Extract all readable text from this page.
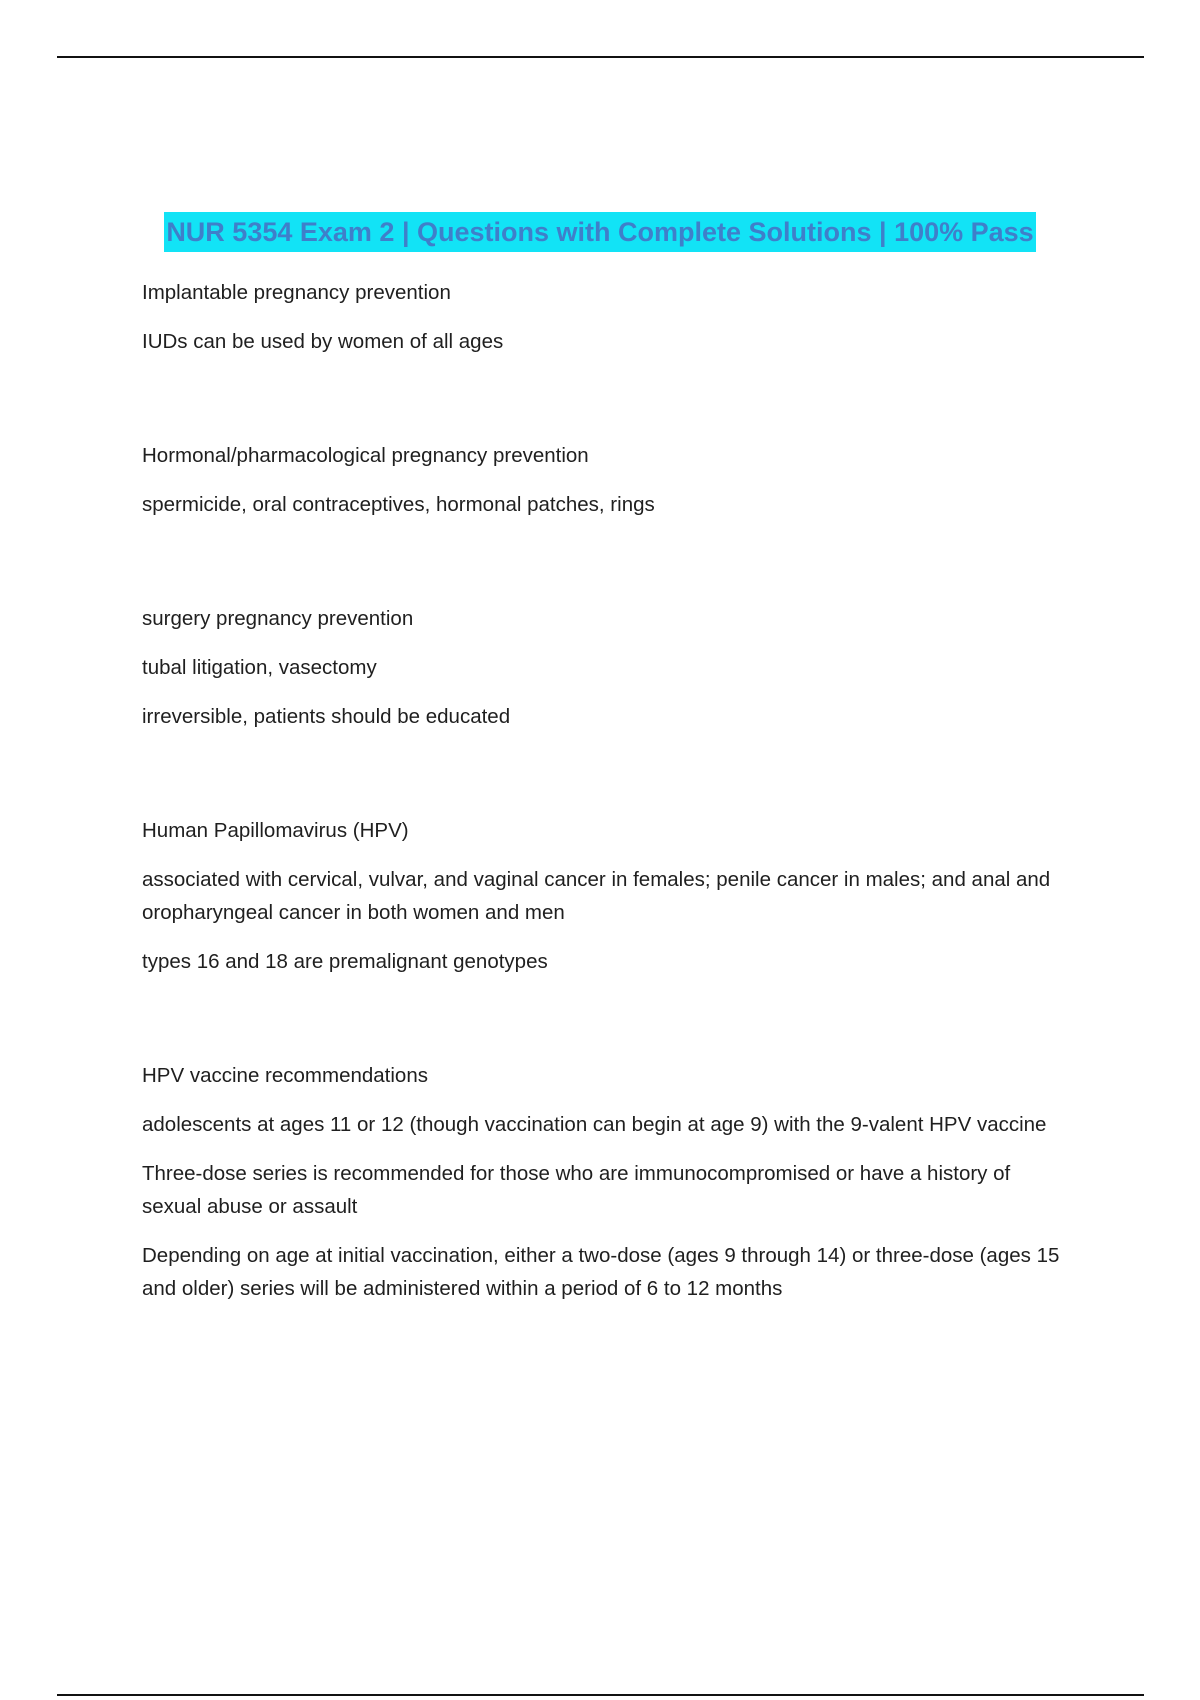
NUR 5354 Exam 2 | Questions with Complete Solutions | 100% Pass

Implantable pregnancy prevention

IUDs can be used by women of all ages

Hormonal/pharmacological pregnancy prevention

spermicide, oral contraceptives, hormonal patches, rings

surgery pregnancy prevention

tubal litigation, vasectomy

irreversible, patients should be educated

Human Papillomavirus (HPV)

associated with cervical, vulvar, and vaginal cancer in females; penile cancer in males; and anal and oropharyngeal cancer in both women and men

types 16 and 18 are premalignant genotypes

HPV vaccine recommendations

adolescents at ages 11 or 12 (though vaccination can begin at age 9) with the 9-valent HPV vaccine

Three-dose series is recommended for those who are immunocompromised or have a history of sexual abuse or assault

Depending on age at initial vaccination, either a two-dose (ages 9 through 14) or three-dose (ages 15 and older) series will be administered within a period of 6 to 12 months
